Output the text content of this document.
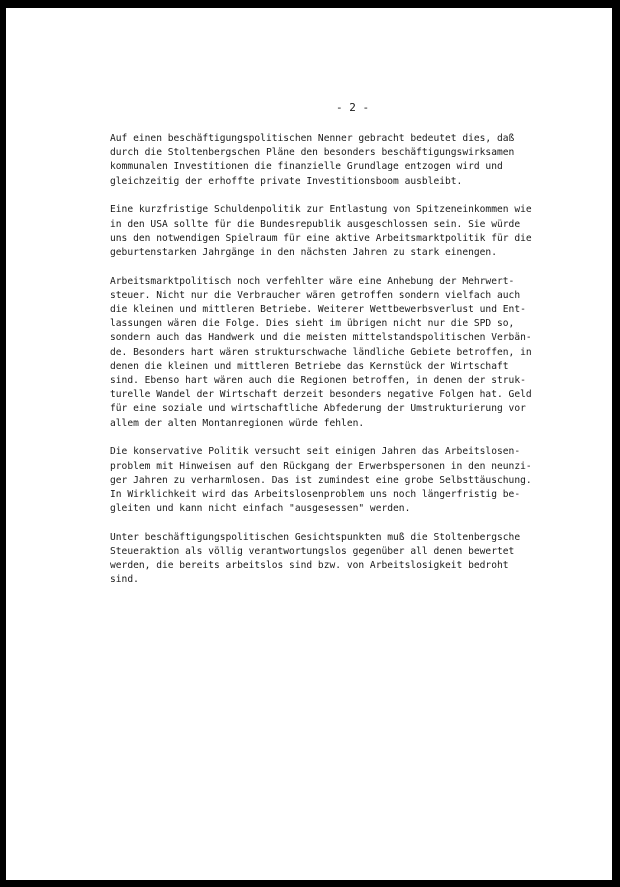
- 2 -
Auf einen beschäftigungspolitischen Nenner gebracht bedeutet dies, daß
durch die Stoltenbergschen Pläne den besonders beschäftigungswirksamen
kommunalen Investitionen die finanzielle Grundlage entzogen wird und
gleichzeitig der erhoffte private Investitionsboom ausbleibt.
Eine kurzfristige Schuldenpolitik zur Entlastung von Spitzeneinkommen wie
in den USA sollte für die Bundesrepublik ausgeschlossen sein. Sie würde
uns den notwendigen Spielraum für eine aktive Arbeitsmarktpolitik für die
geburtenstarken Jahrgänge in den nächsten Jahren zu stark einengen.
Arbeitsmarktpolitisch noch verfehlter wäre eine Anhebung der Mehrwert-
steuer. Nicht nur die Verbraucher wären getroffen sondern vielfach auch
die kleinen und mittleren Betriebe. Weiterer Wettbewerbsverlust und Ent-
lassungen wären die Folge. Dies sieht im übrigen nicht nur die SPD so,
sondern auch das Handwerk und die meisten mittelstandspolitischen Verbän-
de. Besonders hart wären strukturschwache ländliche Gebiete betroffen, in
denen die kleinen und mittleren Betriebe das Kernstück der Wirtschaft
sind. Ebenso hart wären auch die Regionen betroffen, in denen der struk-
turelle Wandel der Wirtschaft derzeit besonders negative Folgen hat. Geld
für eine soziale und wirtschaftliche Abfederung der Umstrukturierung vor
allem der alten Montanregionen würde fehlen.
Die konservative Politik versucht seit einigen Jahren das Arbeitslosen-
problem mit Hinweisen auf den Rückgang der Erwerbspersonen in den neunzi-
ger Jahren zu verharmlosen. Das ist zumindest eine grobe Selbsttäuschung.
In Wirklichkeit wird das Arbeitslosenproblem uns noch längerfristig be-
gleiten und kann nicht einfach "ausgesessen" werden.
Unter beschäftigungspolitischen Gesichtspunkten muß die Stoltenbergsche
Steueraktion als völlig verantwortungslos gegenüber all denen bewertet
werden, die bereits arbeitslos sind bzw. von Arbeitslosigkeit bedroht
sind.
